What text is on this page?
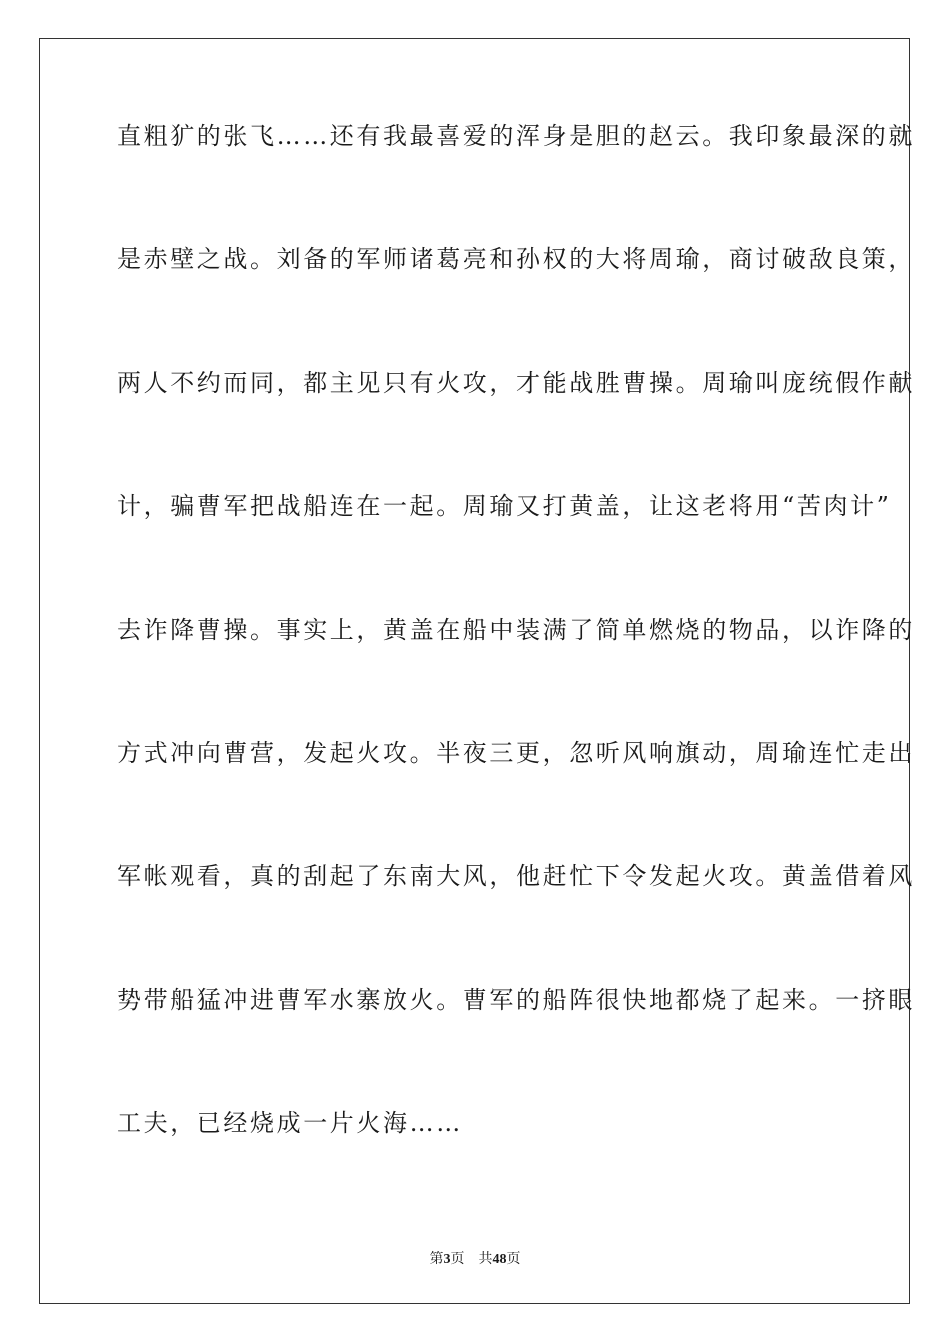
直粗犷的张飞……还有我最喜爱的浑身是胆的赵云。我印象最深的就
是赤壁之战。刘备的军师诸葛亮和孙权的大将周瑜，商讨破敌良策，
两人不约而同，都主见只有火攻，才能战胜曹操。周瑜叫庞统假作献
计，骗曹军把战船连在一起。周瑜又打黄盖，让这老将用“苦肉计”
去诈降曹操。事实上，黄盖在船中装满了简单燃烧的物品，以诈降的
方式冲向曹营，发起火攻。半夜三更，忽听风响旗动，周瑜连忙走出
军帐观看，真的刮起了东南大风，他赶忙下令发起火攻。黄盖借着风
势带船猛冲进曹军水寨放火。曹军的船阵很快地都烧了起来。一挤眼
工夫，已经烧成一片火海……
第3页 共48页
